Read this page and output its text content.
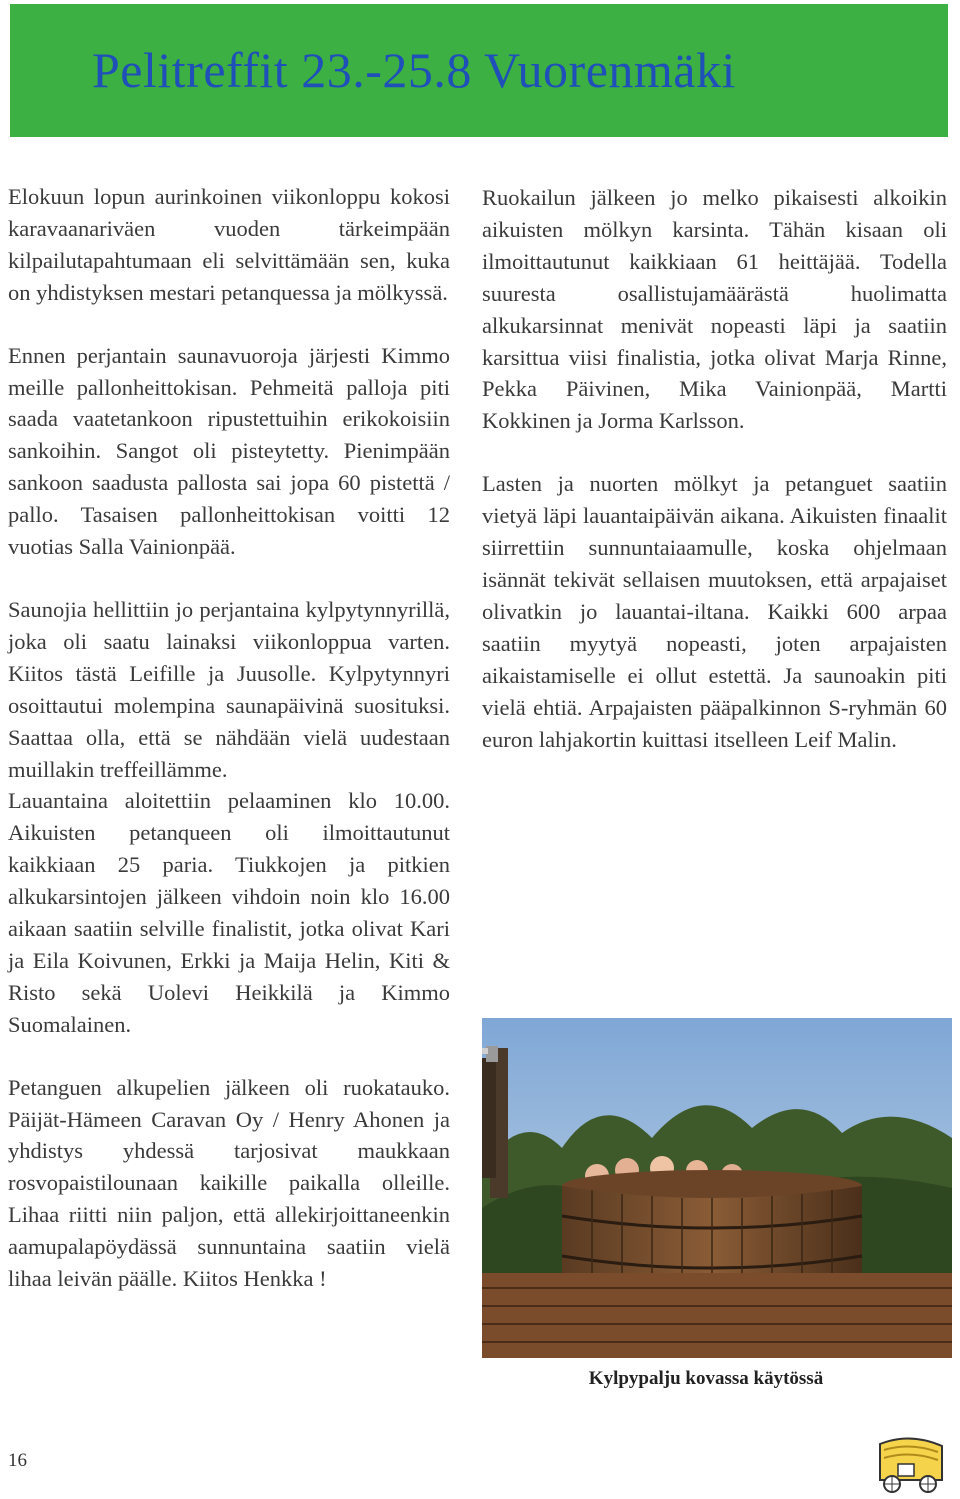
Pelitreffit 23.-25.8 Vuorenmäki

Elokuun lopun aurinkoinen viikonloppu kokosi karavaanariväen vuoden tärkeimpään kilpailutapahtumaan eli selvittämään sen, kuka on yhdistyksen mestari petanquessa ja mölkyssä.

Ennen perjantain saunavuoroja järjesti Kimmo meille pallonheittokisan. Pehmeitä palloja piti saada vaatetankoon ripustettuihin erikokoisiin sankoihin. Sangot oli pisteytetty. Pienimpään sankoon saadusta pallosta sai jopa 60 pistettä / pallo. Tasaisen pallonheittokisan voitti 12 vuotias Salla Vainionpää.

Saunojia hellittiin jo perjantaina kylpytynnyrillä, joka oli saatu lainaksi viikonloppua varten. Kiitos tästä Leifille ja Juusolle. Kylpytynnyri osoittautui molempina saunapäivinä suosituksi. Saattaa olla, että se nähdään vielä uudestaan muillakin treffeillämme.

Lauantaina aloitettiin pelaaminen klo 10.00. Aikuisten petanqueen oli ilmoittautunut kaikkiaan 25 paria. Tiukkojen ja pitkien alkukarsintojen jälkeen vihdoin noin klo 16.00 aikaan saatiin selville finalistit, jotka olivat Kari ja Eila Koivunen, Erkki ja Maija Helin, Kiti & Risto sekä Uolevi Heikkilä ja Kimmo Suomalainen.

Petanguen alkupelien jälkeen oli ruokatauko. Päijät-Hämeen Caravan Oy / Henry Ahonen ja yhdistys yhdessä tarjosivat maukkaan rosvopaistilounaan kaikille paikalla olleille. Lihaa riitti niin paljon, että allekirjoittaneenkin aamupalapöydässä sunnuntaina saatiin vielä lihaa leivän päälle. Kiitos Henkka !

Ruokailun jälkeen jo melko pikaisesti alkoikin aikuisten mölkyn karsinta. Tähän kisaan oli ilmoittautunut kaikkiaan 61 heittäjää. Todella suuresta osallistujamäärästä huolimatta alkukarsinnat menivät nopeasti läpi ja saatiin karsittua viisi finalistia, jotka olivat Marja Rinne, Pekka Päivinen, Mika Vainionpää, Martti Kokkinen ja Jorma Karlsson.

Lasten ja nuorten mölkyt ja petanguet saatiin vietyä läpi lauantaipäivän aikana. Aikuisten finaalit siirrettiin sunnuntaiaamulle, koska ohjelmaan isännät tekivät sellaisen muutoksen, että arpajaiset olivatkin jo lauantai-iltana. Kaikki 600 arpaa saatiin myytyä nopeasti, joten arpajaisten aikaistamiselle ei ollut estettä. Ja saunoakin piti vielä ehtiä. Arpajaisten pääpalkinnon S-ryhmän 60 euron lahjakortin kuittasi itselleen Leif Malin.

Kylpypalju kovassa käytössä
16
